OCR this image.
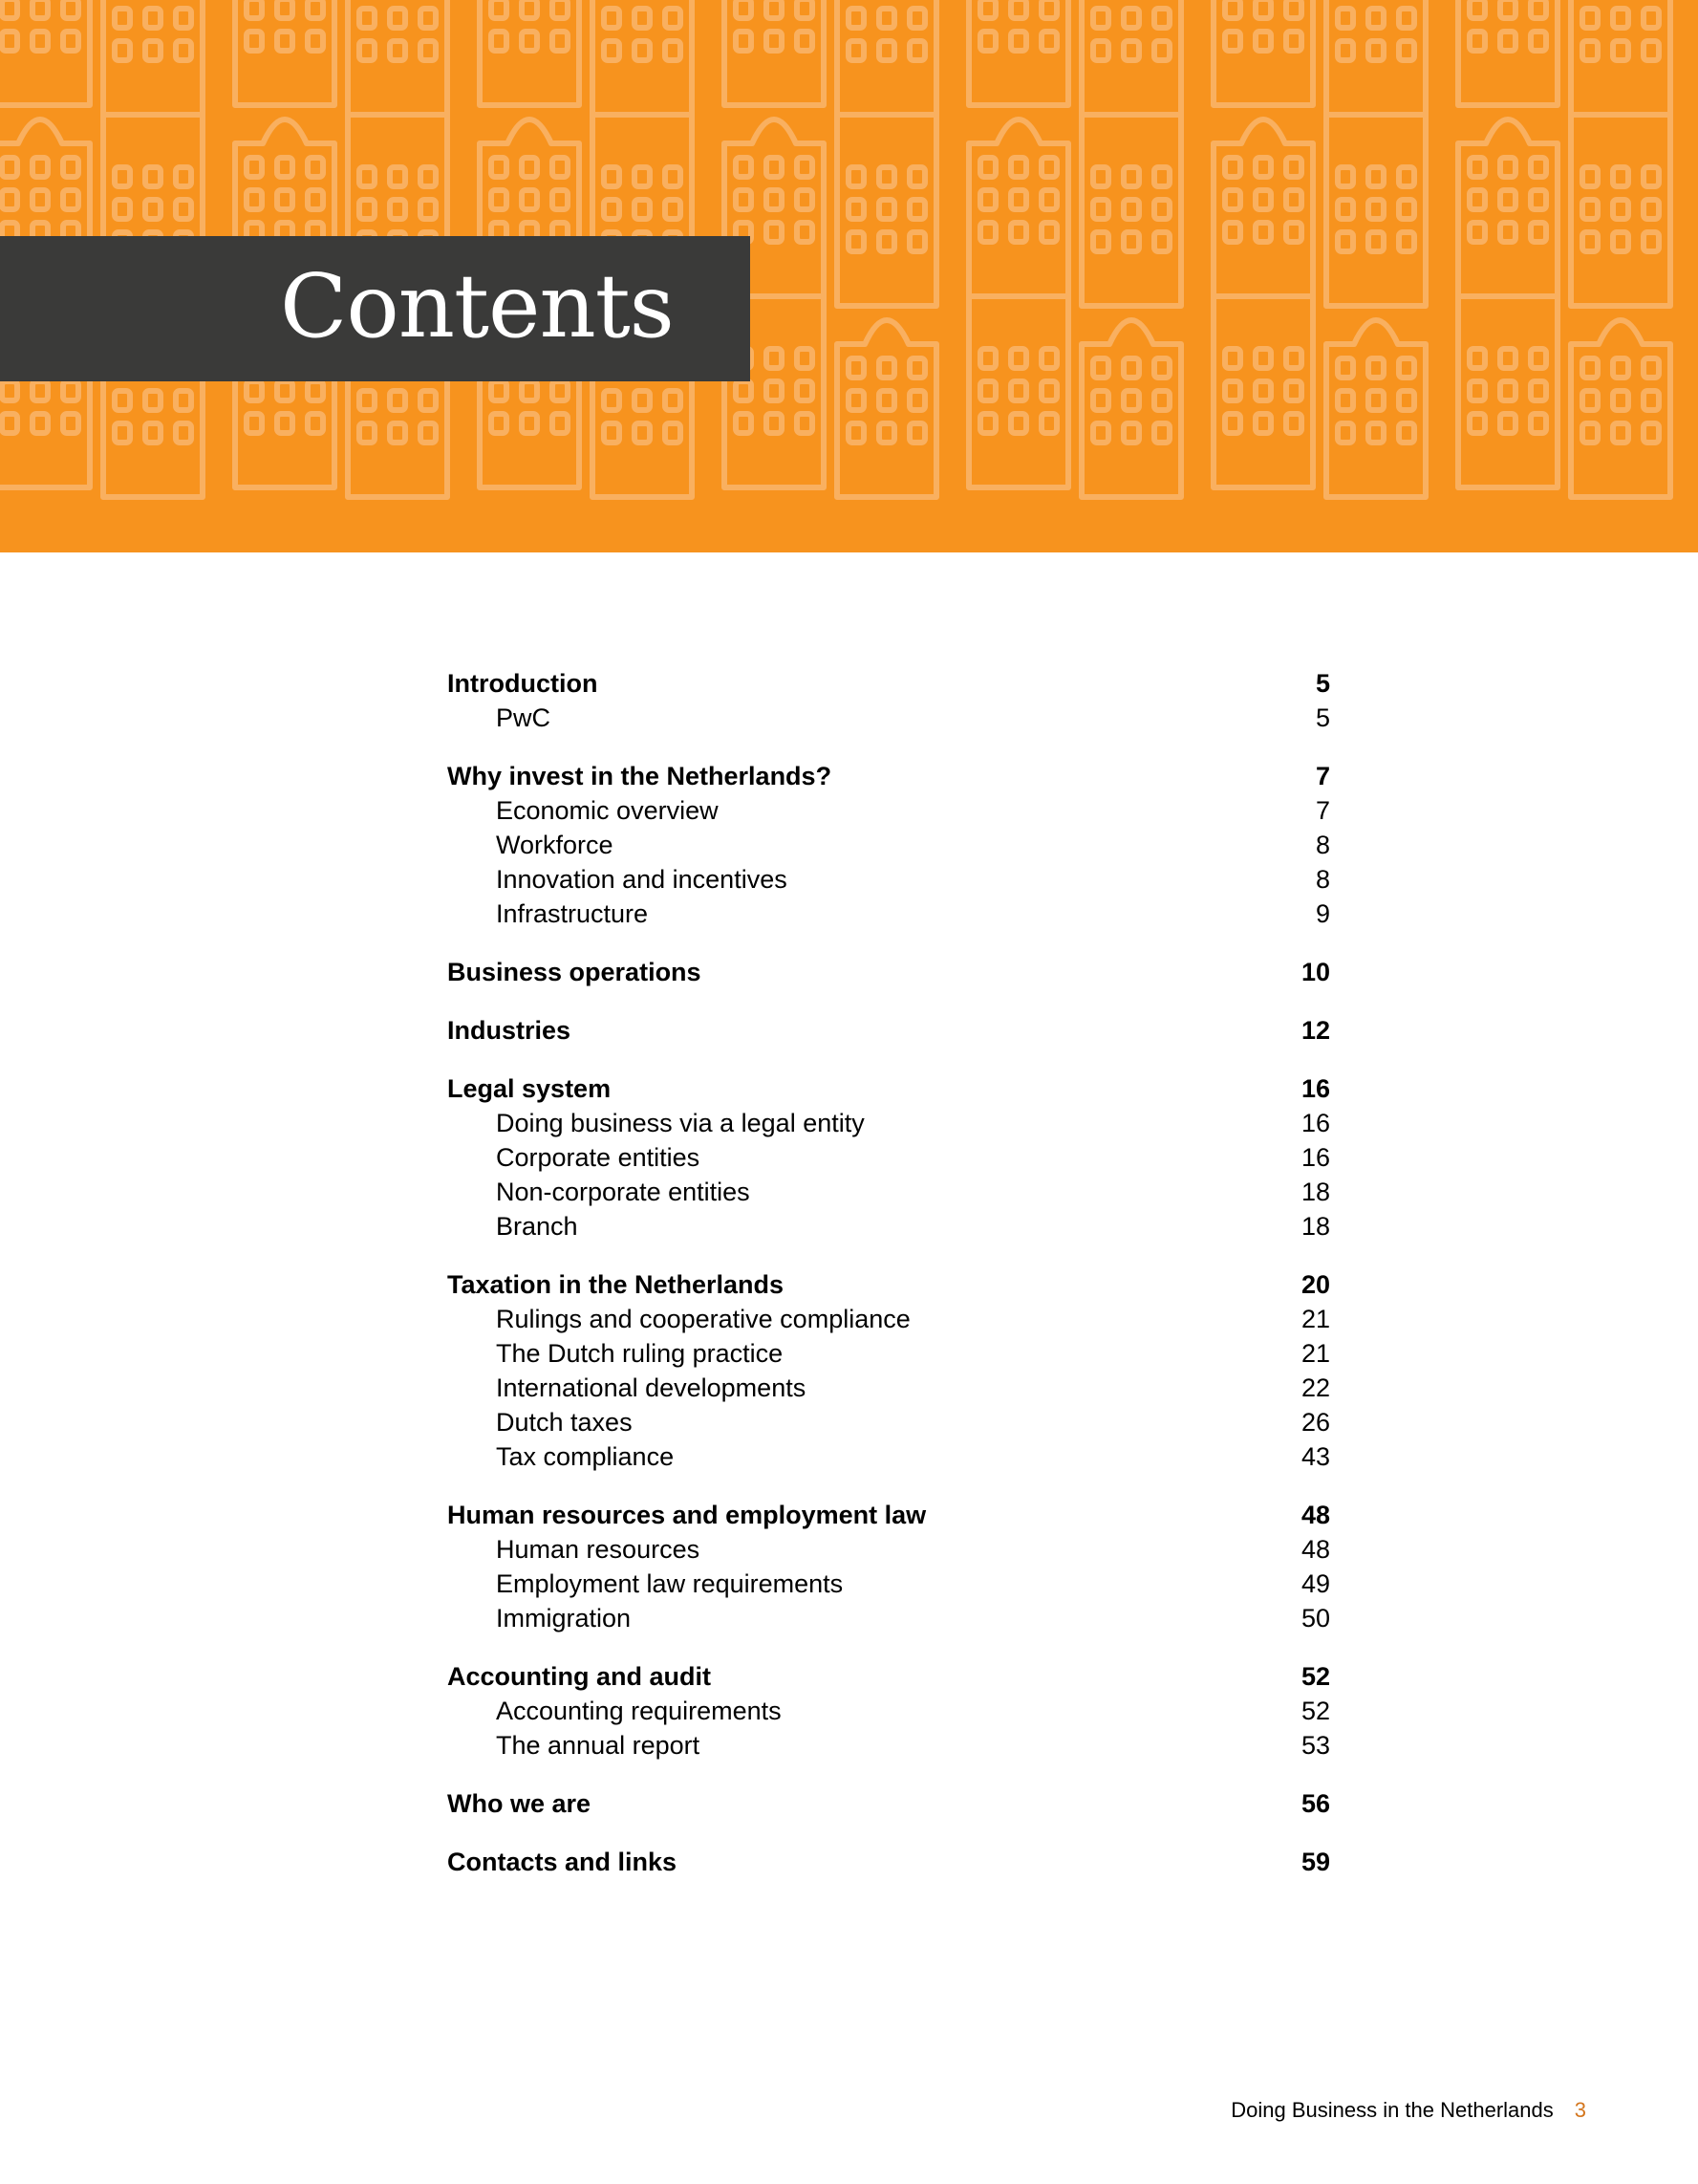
Contents
Introduction	5
PwC	5
Why invest in the Netherlands?	7
Economic overview	7
Workforce	8
Innovation and incentives	8
Infrastructure	9
Business operations	10
Industries	12
Legal system	16
Doing business via a legal entity	16
Corporate entities	16
Non-corporate entities	18
Branch	18
Taxation in the Netherlands	20
Rulings and cooperative compliance	21
The Dutch ruling practice	21
International developments	22
Dutch taxes	26
Tax compliance	43
Human resources and employment law	48
Human resources	48
Employment law requirements	49
Immigration	50
Accounting and audit	52
Accounting requirements	52
The annual report	53
Who we are	56
Contacts and links	59
Doing Business in the Netherlands 3
